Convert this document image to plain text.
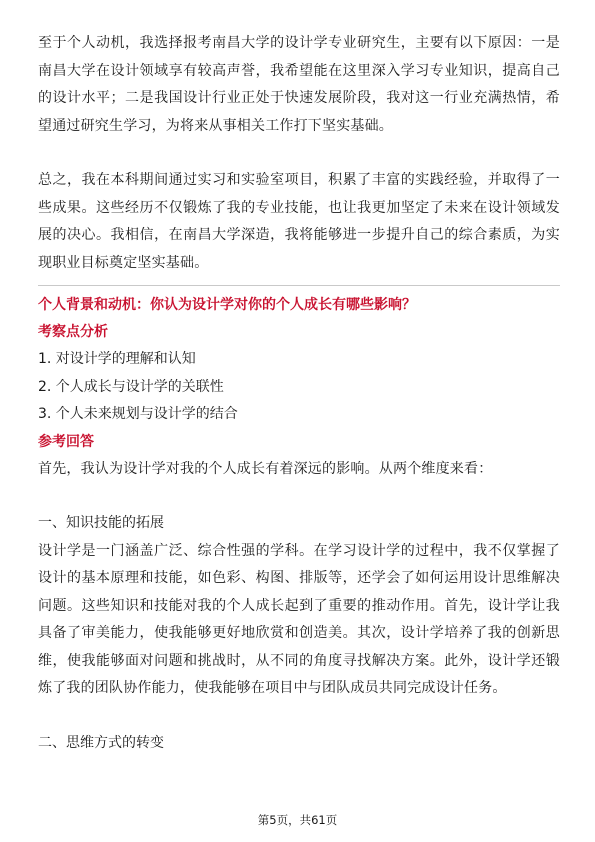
至于个人动机，我选择报考南昌大学的设计学专业研究生，主要有以下原因：一是南昌大学在设计领域享有较高声誉，我希望能在这里深入学习专业知识，提高自己的设计水平；二是我国设计行业正处于快速发展阶段，我对这一行业充满热情，希望通过研究生学习，为将来从事相关工作打下坚实基础。

总之，我在本科期间通过实习和实验室项目，积累了丰富的实践经验，并取得了一些成果。这些经历不仅锻炼了我的专业技能，也让我更加坚定了未来在设计领域发展的决心。我相信，在南昌大学深造，我将能够进一步提升自己的综合素质，为实现职业目标奠定坚实基础。

个人背景和动机：你认为设计学对你的个人成长有哪些影响？
考察点分析
1. 对设计学的理解和认知
2. 个人成长与设计学的关联性
3. 个人未来规划与设计学的结合
参考回答

首先，我认为设计学对我的个人成长有着深远的影响。从两个维度来看：

一、知识技能的拓展

设计学是一门涵盖广泛、综合性强的学科。在学习设计学的过程中，我不仅掌握了设计的基本原理和技能，如色彩、构图、排版等，还学会了如何运用设计思维解决问题。这些知识和技能对我的个人成长起到了重要的推动作用。首先，设计学让我具备了审美能力，使我能够更好地欣赏和创造美。其次，设计学培养了我的创新思维，使我能够面对问题和挑战时，从不同的角度寻找解决方案。此外，设计学还锻炼了我的团队协作能力，使我能够在项目中与团队成员共同完成设计任务。

二、思维方式的转变
第5页，共61页
